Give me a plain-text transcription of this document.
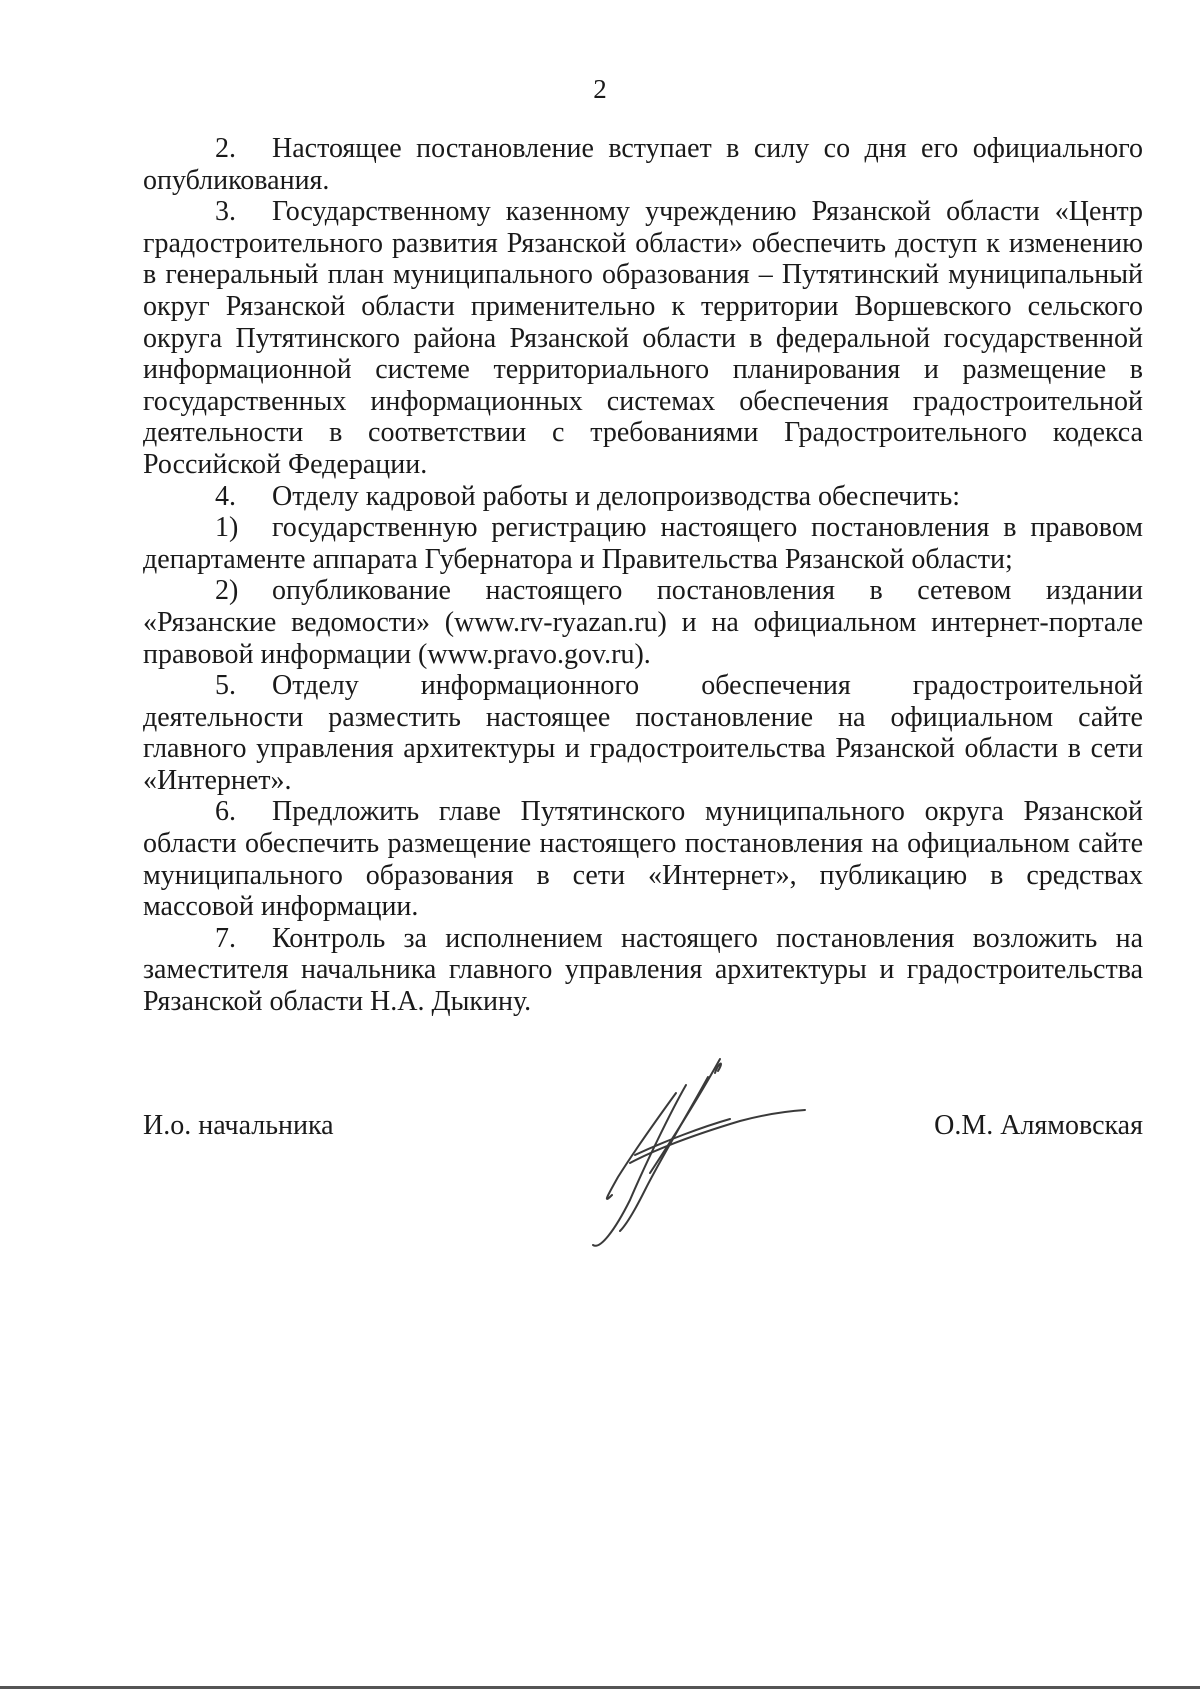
2

2. Настоящее постановление вступает в силу со дня его официального опубликования.

3. Государственному казенному учреждению Рязанской области «Центр градостроительного развития Рязанской области» обеспечить доступ к изменению в генеральный план муниципального образования – Путятинский муниципальный округ Рязанской области применительно к территории Воршевского сельского округа Путятинского района Рязанской области в федеральной государственной информационной системе территориального планирования и размещение в государственных информационных системах обеспечения градостроительной деятельности в соответствии с требованиями Градостроительного кодекса Российской Федерации.

4. Отделу кадровой работы и делопроизводства обеспечить:

1) государственную регистрацию настоящего постановления в правовом департаменте аппарата Губернатора и Правительства Рязанской области;

2) опубликование настоящего постановления в сетевом издании «Рязанские ведомости» (www.rv-ryazan.ru) и на официальном интернет-портале правовой информации (www.pravo.gov.ru).

5. Отделу информационного обеспечения градостроительной деятельности разместить настоящее постановление на официальном сайте главного управления архитектуры и градостроительства Рязанской области в сети «Интернет».

6. Предложить главе Путятинского муниципального округа Рязанской области обеспечить размещение настоящего постановления на официальном сайте муниципального образования в сети «Интернет», публикацию в средствах массовой информации.

7. Контроль за исполнением настоящего постановления возложить на заместителя начальника главного управления архитектуры и градостроительства Рязанской области Н.А. Дыкину.

И.о. начальника	О.М. Алямовская
